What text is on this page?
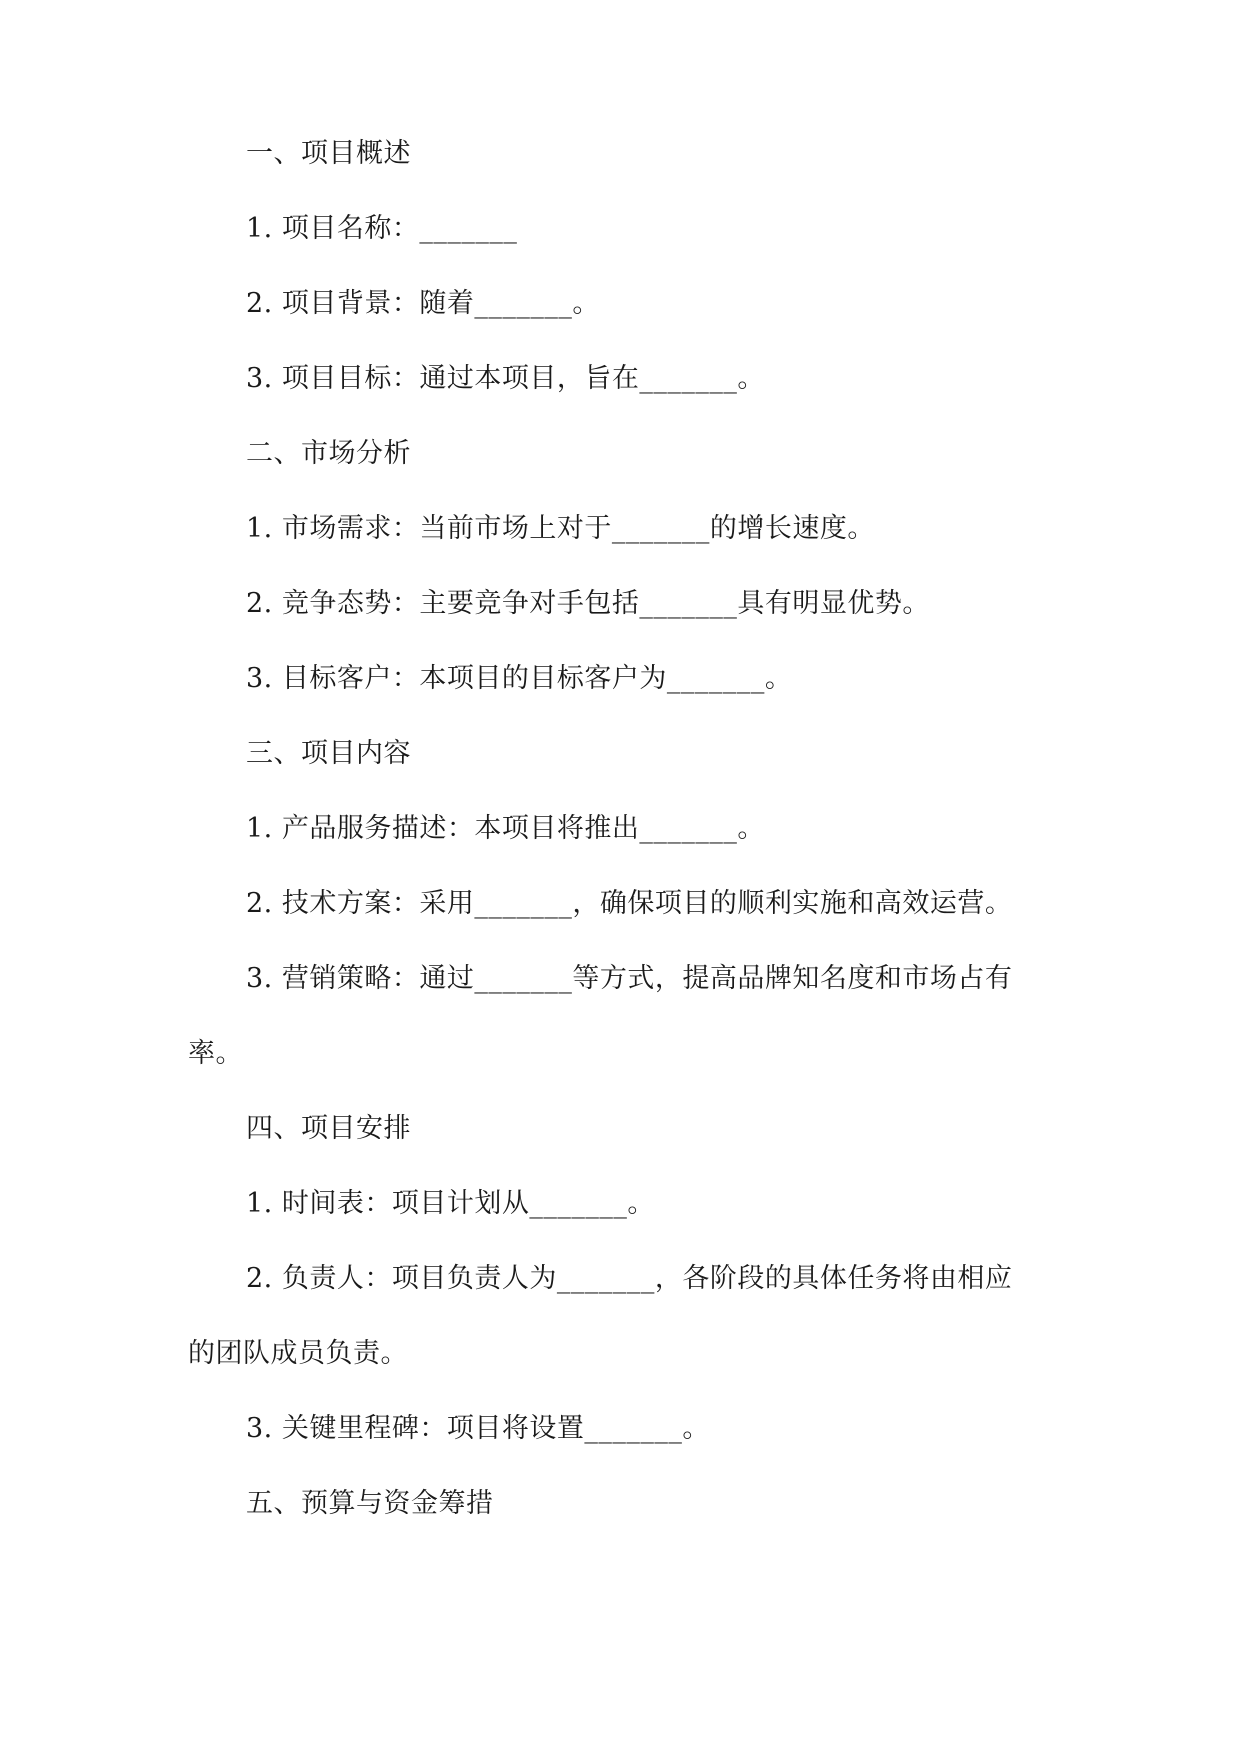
一、项目概述
1. 项目名称：_______
2. 项目背景：随着_______。
3. 项目目标：通过本项目，旨在_______。
二、市场分析
1. 市场需求：当前市场上对于_______的增长速度。
2. 竞争态势：主要竞争对手包括_______具有明显优势。
3. 目标客户：本项目的目标客户为_______。
三、项目内容
1. 产品服务描述：本项目将推出_______。
2. 技术方案：采用_______，确保项目的顺利实施和高效运营。
3. 营销策略：通过_______等方式，提高品牌知名度和市场占有
率。
四、项目安排
1. 时间表：项目计划从_______。
2. 负责人：项目负责人为_______，各阶段的具体任务将由相应
的团队成员负责。
3. 关键里程碑：项目将设置_______。
五、预算与资金筹措
